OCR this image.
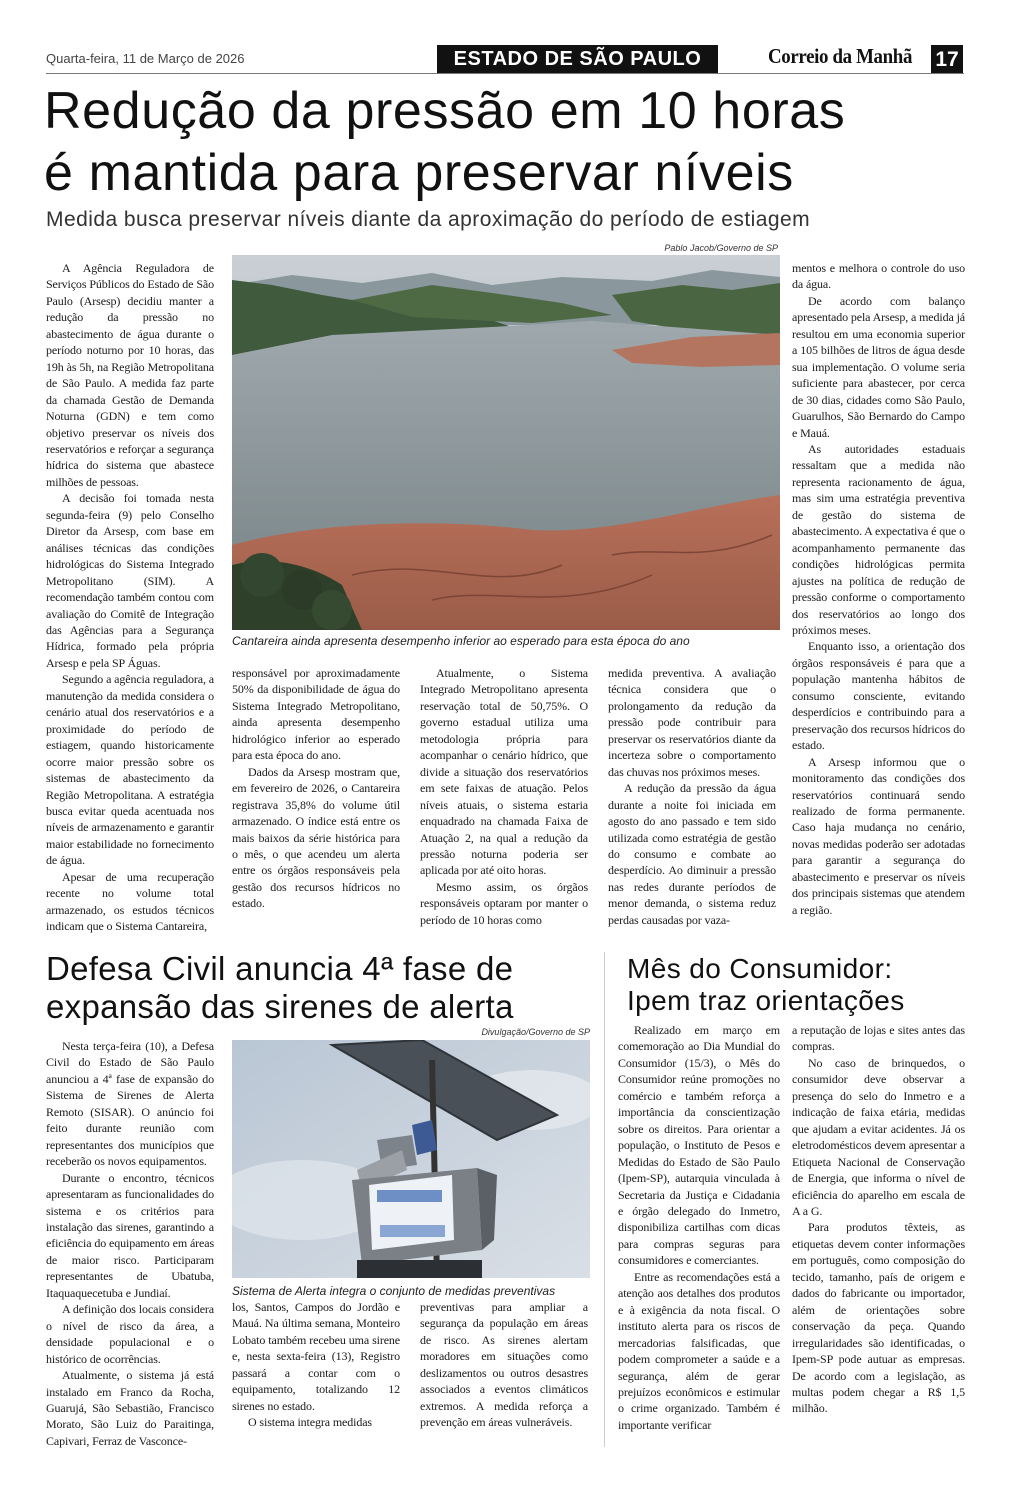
Quarta-feira, 11 de Março de 2026	ESTADO DE SÃO PAULO	Correio da Manhã 17
Redução da pressão em 10 horas
é mantida para preservar níveis
Medida busca preservar níveis diante da aproximação do período de estiagem
Pablo Jacob/Governo de SP
Cantareira ainda apresenta desempenho inferior ao esperado para esta época do ano

A Agência Reguladora de Serviços Públicos do Estado de São Paulo (Arsesp) decidiu manter a redução da pressão no abastecimento de água durante o período noturno por 10 horas, das 19h às 5h, na Região Metropolitana de São Paulo. A medida faz parte da chamada Gestão de Demanda Noturna (GDN) e tem como objetivo preservar os níveis dos reservatórios e reforçar a segurança hídrica do sistema que abastece milhões de pessoas.

A decisão foi tomada nesta segunda-feira (9) pelo Conselho Diretor da Arsesp, com base em análises técnicas das condições hidrológicas do Sistema Integrado Metropolitano (SIM). A recomendação também contou com avaliação do Comitê de Integração das Agências para a Segurança Hídrica, formado pela própria Arsesp e pela SP Águas.

Segundo a agência reguladora, a manutenção da medida considera o cenário atual dos reservatórios e a proximidade do período de estiagem, quando historicamente ocorre maior pressão sobre os sistemas de abastecimento da Região Metropolitana. A estratégia busca evitar queda acentuada nos níveis de armazenamento e garantir maior estabilidade no fornecimento de água.

Apesar de uma recuperação recente no volume total armazenado, os estudos técnicos indicam que o Sistema Cantareira,

responsável por aproximadamente 50% da disponibilidade de água do Sistema Integrado Metropolitano, ainda apresenta desempenho hidrológico inferior ao esperado para esta época do ano.

Dados da Arsesp mostram que, em fevereiro de 2026, o Cantareira registrava 35,8% do volume útil armazenado. O índice está entre os mais baixos da série histórica para o mês, o que acendeu um alerta entre os órgãos responsáveis pela gestão dos recursos hídricos no estado.

Atualmente, o Sistema Integrado Metropolitano apresenta reservação total de 50,75%. O governo estadual utiliza uma metodologia própria para acompanhar o cenário hídrico, que divide a situação dos reservatórios em sete faixas de atuação. Pelos níveis atuais, o sistema estaria enquadrado na chamada Faixa de Atuação 2, na qual a redução da pressão noturna poderia ser aplicada por até oito horas.

Mesmo assim, os órgãos responsáveis optaram por manter o período de 10 horas como

medida preventiva. A avaliação técnica considera que o prolongamento da redução da pressão pode contribuir para preservar os reservatórios diante da incerteza sobre o comportamento das chuvas nos próximos meses.

A redução da pressão da água durante a noite foi iniciada em agosto do ano passado e tem sido utilizada como estratégia de gestão do consumo e combate ao desperdício. Ao diminuir a pressão nas redes durante períodos de menor demanda, o sistema reduz perdas causadas por vaza-

mentos e melhora o controle do uso da água.

De acordo com balanço apresentado pela Arsesp, a medida já resultou em uma economia superior a 105 bilhões de litros de água desde sua implementação. O volume seria suficiente para abastecer, por cerca de 30 dias, cidades como São Paulo, Guarulhos, São Bernardo do Campo e Mauá.

As autoridades estaduais ressaltam que a medida não representa racionamento de água, mas sim uma estratégia preventiva de gestão do sistema de abastecimento. A expectativa é que o acompanhamento permanente das condições hidrológicas permita ajustes na política de redução de pressão conforme o comportamento dos reservatórios ao longo dos próximos meses.

Enquanto isso, a orientação dos órgãos responsáveis é para que a população mantenha hábitos de consumo consciente, evitando desperdícios e contribuindo para a preservação dos recursos hídricos do estado.

A Arsesp informou que o monitoramento das condições dos reservatórios continuará sendo realizado de forma permanente. Caso haja mudança no cenário, novas medidas poderão ser adotadas para garantir a segurança do abastecimento e preservar os níveis dos principais sistemas que atendem a região.

Defesa Civil anuncia 4ª fase de
expansão das sirenes de alerta
Divulgação/Governo de SP
Sistema de Alerta integra o conjunto de medidas preventivas

Nesta terça-feira (10), a Defesa Civil do Estado de São Paulo anunciou a 4ª fase de expansão do Sistema de Sirenes de Alerta Remoto (SISAR). O anúncio foi feito durante reunião com representantes dos municípios que receberão os novos equipamentos.

Durante o encontro, técnicos apresentaram as funcionalidades do sistema e os critérios para instalação das sirenes, garantindo a eficiência do equipamento em áreas de maior risco. Participaram representantes de Ubatuba, Itaquaquecetuba e Jundiaí.

A definição dos locais considera o nível de risco da área, a densidade populacional e o histórico de ocorrências.

Atualmente, o sistema já está instalado em Franco da Rocha, Guarujá, São Sebastião, Francisco Morato, São Luiz do Paraitinga, Capivari, Ferraz de Vasconce-

los, Santos, Campos do Jordão e Mauá. Na última semana, Monteiro Lobato também recebeu uma sirene e, nesta sexta-feira (13), Registro passará a contar com o equipamento, totalizando 12 sirenes no estado.

O sistema integra medidas

preventivas para ampliar a segurança da população em áreas de risco. As sirenes alertam moradores em situações como deslizamentos ou outros desastres associados a eventos climáticos extremos. A medida reforça a prevenção em áreas vulneráveis.

Mês do Consumidor:
Ipem traz orientações

Realizado em março em comemoração ao Dia Mundial do Consumidor (15/3), o Mês do Consumidor reúne promoções no comércio e também reforça a importância da conscientização sobre os direitos. Para orientar a população, o Instituto de Pesos e Medidas do Estado de São Paulo (Ipem-SP), autarquia vinculada à Secretaria da Justiça e Cidadania e órgão delegado do Inmetro, disponibiliza cartilhas com dicas para compras seguras para consumidores e comerciantes.

Entre as recomendações está a atenção aos detalhes dos produtos e à exigência da nota fiscal. O instituto alerta para os riscos de mercadorias falsificadas, que podem comprometer a saúde e a segurança, além de gerar prejuízos econômicos e estimular o crime organizado. Também é importante verificar

a reputação de lojas e sites antes das compras.

No caso de brinquedos, o consumidor deve observar a presença do selo do Inmetro e a indicação de faixa etária, medidas que ajudam a evitar acidentes. Já os eletrodomésticos devem apresentar a Etiqueta Nacional de Conservação de Energia, que informa o nível de eficiência do aparelho em escala de A a G.

Para produtos têxteis, as etiquetas devem conter informações em português, como composição do tecido, tamanho, país de origem e dados do fabricante ou importador, além de orientações sobre conservação da peça. Quando irregularidades são identificadas, o Ipem-SP pode autuar as empresas. De acordo com a legislação, as multas podem chegar a R$ 1,5 milhão.
